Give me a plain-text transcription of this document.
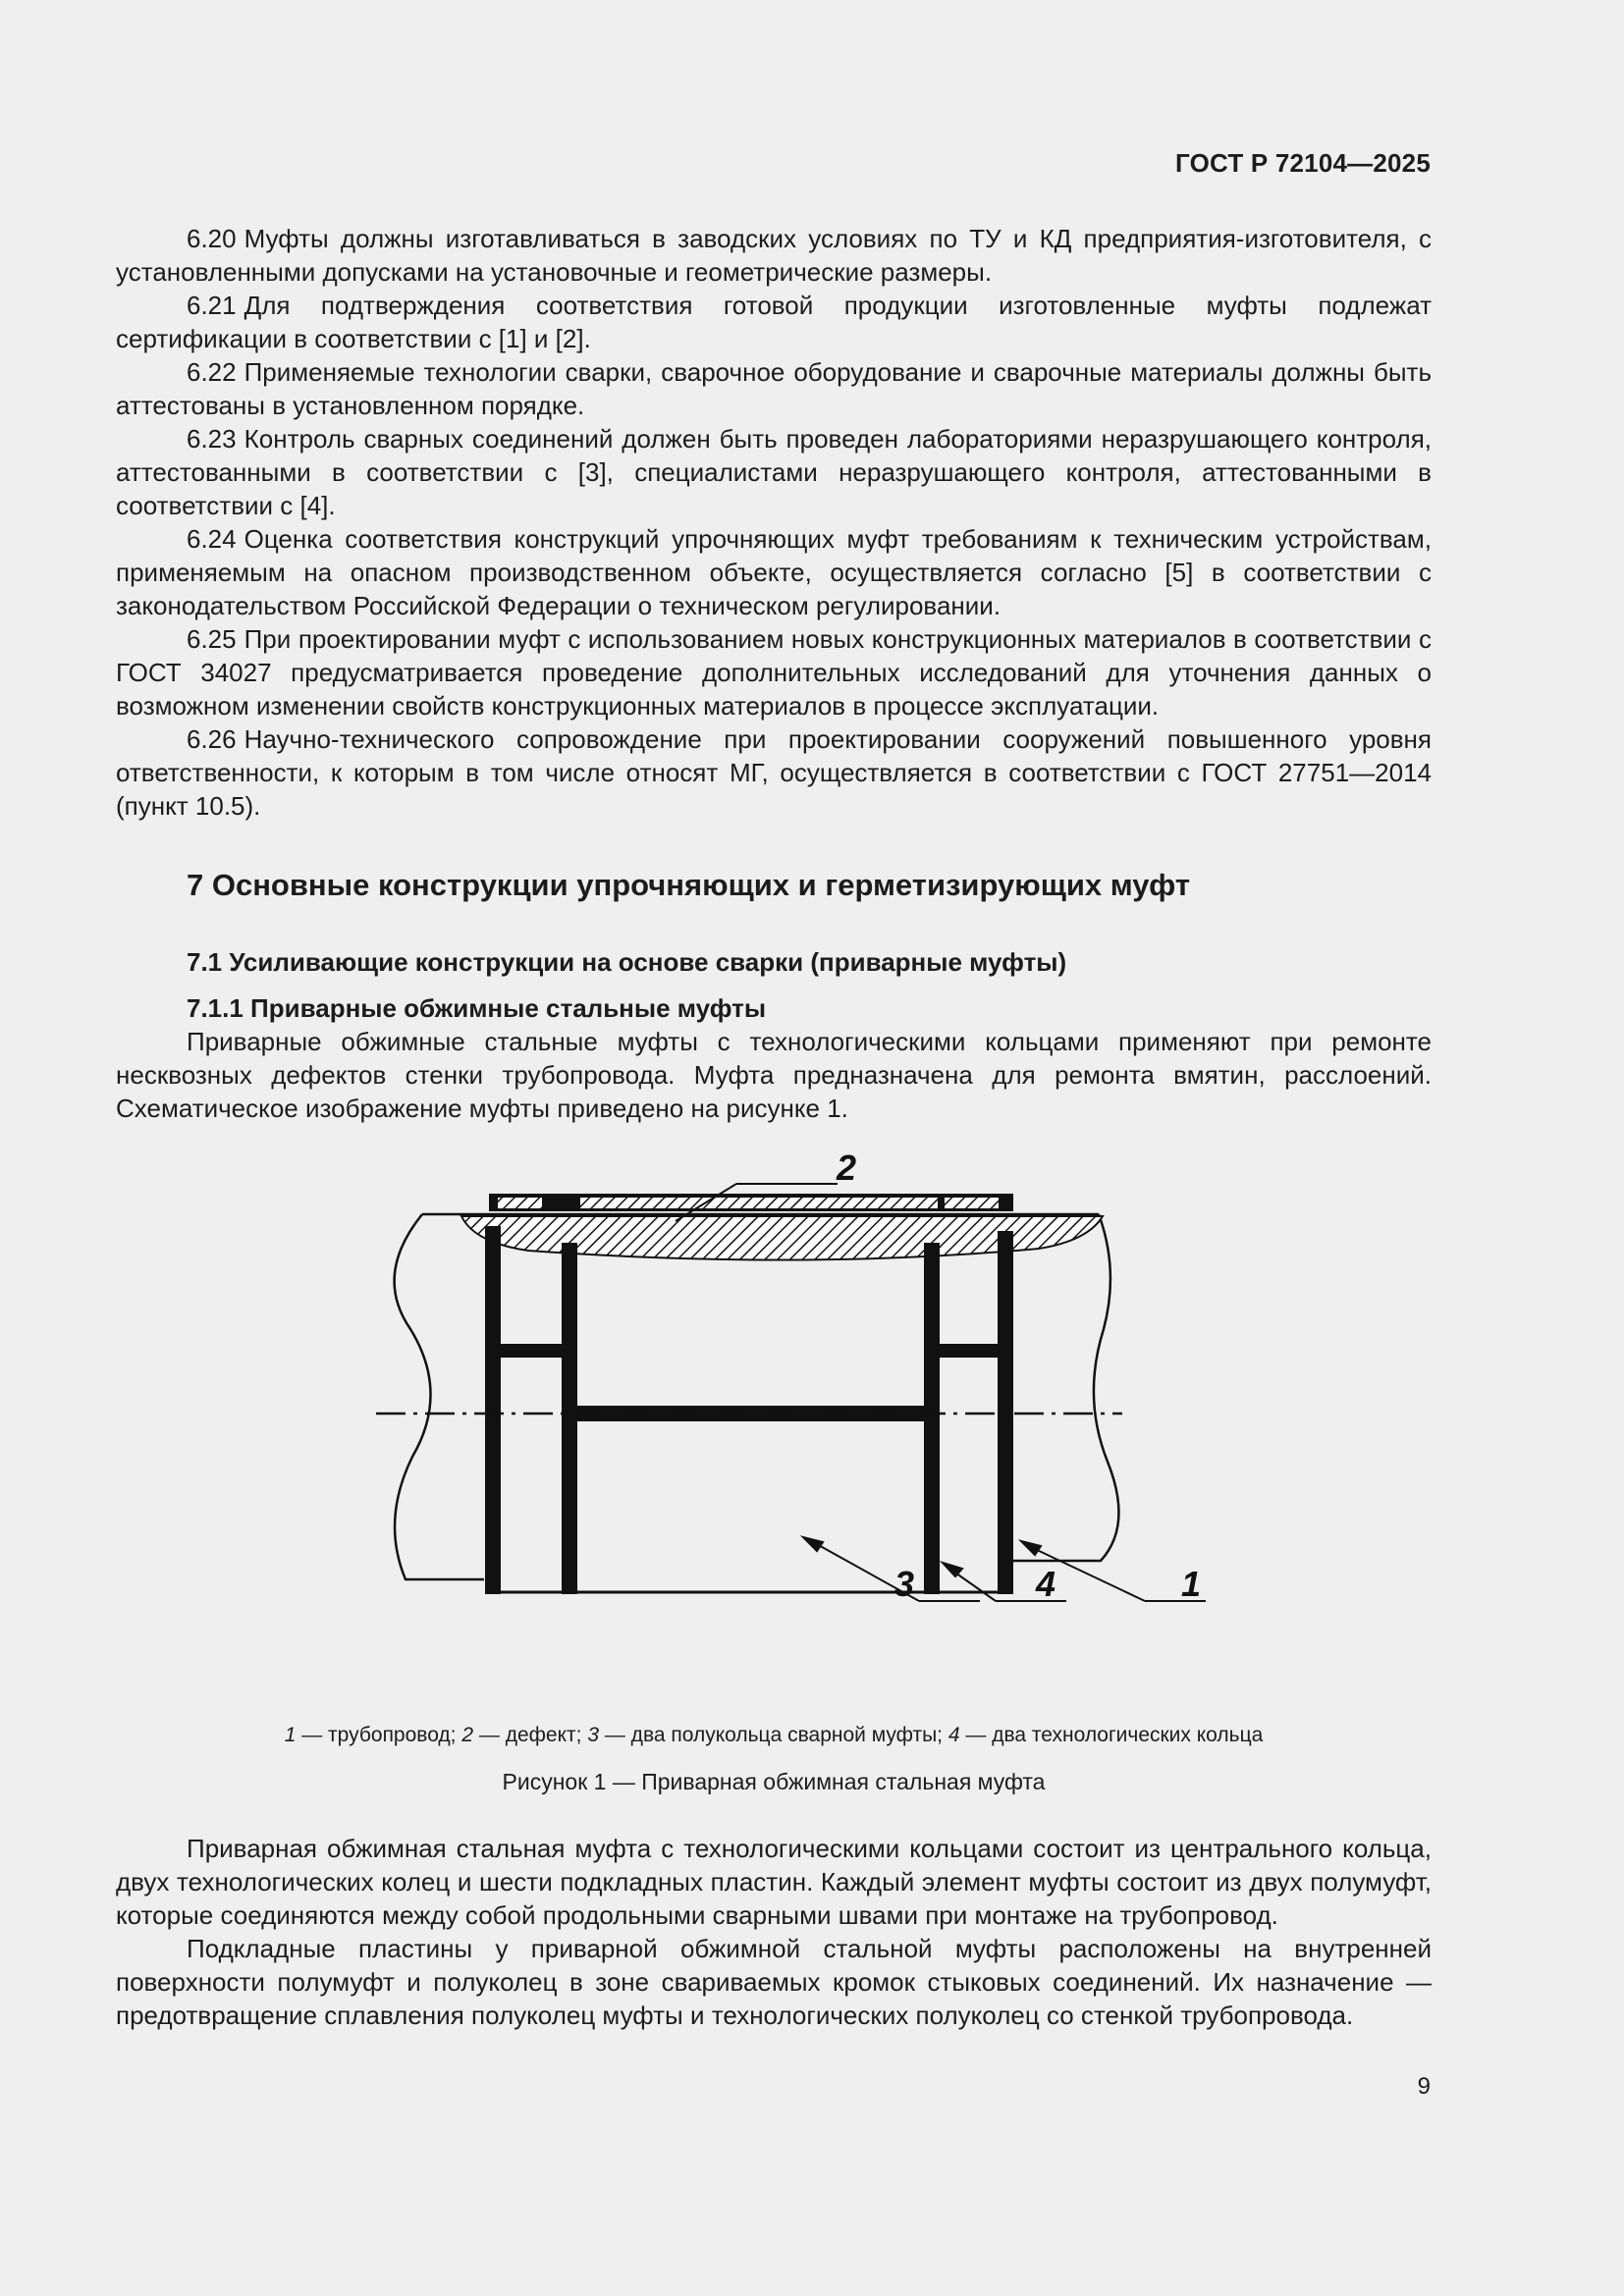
ГОСТ Р 72104—2025

6.20 Муфты должны изготавливаться в заводских условиях по ТУ и КД предприятия-изготовителя, с установленными допусками на установочные и геометрические размеры.

6.21 Для подтверждения соответствия готовой продукции изготовленные муфты подлежат сертификации в соответствии с [1] и [2].

6.22 Применяемые технологии сварки, сварочное оборудование и сварочные материалы должны быть аттестованы в установленном порядке.

6.23 Контроль сварных соединений должен быть проведен лабораториями неразрушающего контроля, аттестованными в соответствии с [3], специалистами неразрушающего контроля, аттестованными в соответствии с [4].

6.24 Оценка соответствия конструкций упрочняющих муфт требованиям к техническим устройствам, применяемым на опасном производственном объекте, осуществляется согласно [5] в соответствии с законодательством Российской Федерации о техническом регулировании.

6.25 При проектировании муфт с использованием новых конструкционных материалов в соответствии с ГОСТ 34027 предусматривается проведение дополнительных исследований для уточнения данных о возможном изменении свойств конструкционных материалов в процессе эксплуатации.

6.26 Научно-технического сопровождение при проектировании сооружений повышенного уровня ответственности, к которым в том числе относят МГ, осуществляется в соответствии с ГОСТ 27751—2014 (пункт 10.5).

7 Основные конструкции упрочняющих и герметизирующих муфт
7.1 Усиливающие конструкции на основе сварки (приварные муфты)
7.1.1 Приварные обжимные стальные муфты

Приварные обжимные стальные муфты с технологическими кольцами применяют при ремонте несквозных дефектов стенки трубопровода. Муфта предназначена для ремонта вмятин, расслоений. Схематическое изображение муфты приведено на рисунке 1.

2
3	4	1
1 — трубопровод; 2 — дефект; 3 — два полукольца сварной муфты; 4 — два технологических кольца
Рисунок 1 — Приварная обжимная стальная муфта

Приварная обжимная стальная муфта с технологическими кольцами состоит из центрального кольца, двух технологических колец и шести подкладных пластин. Каждый элемент муфты состоит из двух полумуфт, которые соединяются между собой продольными сварными швами при монтаже на трубопровод.

Подкладные пластины у приварной обжимной стальной муфты расположены на внутренней поверхности полумуфт и полуколец в зоне свариваемых кромок стыковых соединений. Их назначение — предотвращение сплавления полуколец муфты и технологических полуколец со стенкой трубопровода.

9
